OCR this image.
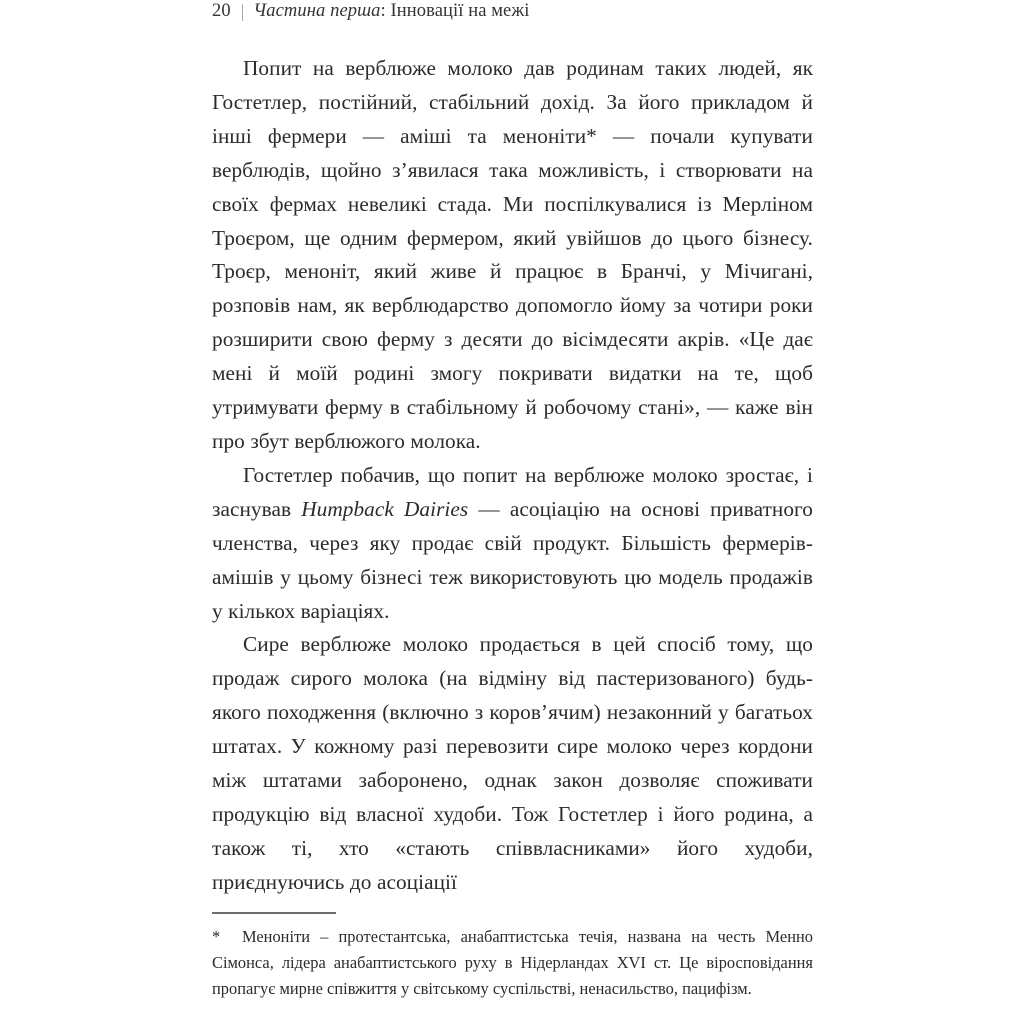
20 | Частина перша: Інновації на межі

Попит на верблюже молоко дав родинам таких людей, як Гостетлер, постійний, стабільний дохід. За його прикладом й інші фермери — аміші та менонiти* — почали купувати верблюдів, щойно з’явилася така можливість, і створювати на своїх фермах невеликі стада. Ми поспілкувалися із Мерліном Троєром, ще одним фермером, який увійшов до цього бізнесу. Троєр, меноніт, який живе й працює в Бранчі, у Мічигані, розповів нам, як верблюдарство допомогло йому за чотири роки розширити свою ферму з десяти до вісімдесяти акрів. «Це дає мені й моїй родині змогу покривати видатки на те, щоб утримувати ферму в стабільному й робочому стані», — каже він про збут верблюжого молока.

Гостетлер побачив, що попит на верблюже молоко зростає, і заснував Humpback Dairies — асоціацію на основі приватного членства, через яку продає свій продукт. Більшість фермерів-амішів у цьому бізнесі теж використовують цю модель продажів у кількох варіаціях.

Сире верблюже молоко продається в цей спосіб тому, що продаж сирого молока (на відміну від пастеризованого) будь-якого походження (включно з коров’ячим) незаконний у багатьох штатах. У кожному разі перевозити сире молоко через кордони між штатами заборонено, однак закон дозволяє споживати продукцію від власної худоби. Тож Гостетлер і його родина, а також ті, хто «стають співвласниками» його худоби, приєднуючись до асоціації

* Меноніти – протестантська, анабаптистська течія, названа на честь Менно Сімонса, лідера анабаптистського руху в Нідерландах XVI ст. Це віросповідання пропагує мирне співжиття у світському суспільстві, ненасильство, пацифізм.
